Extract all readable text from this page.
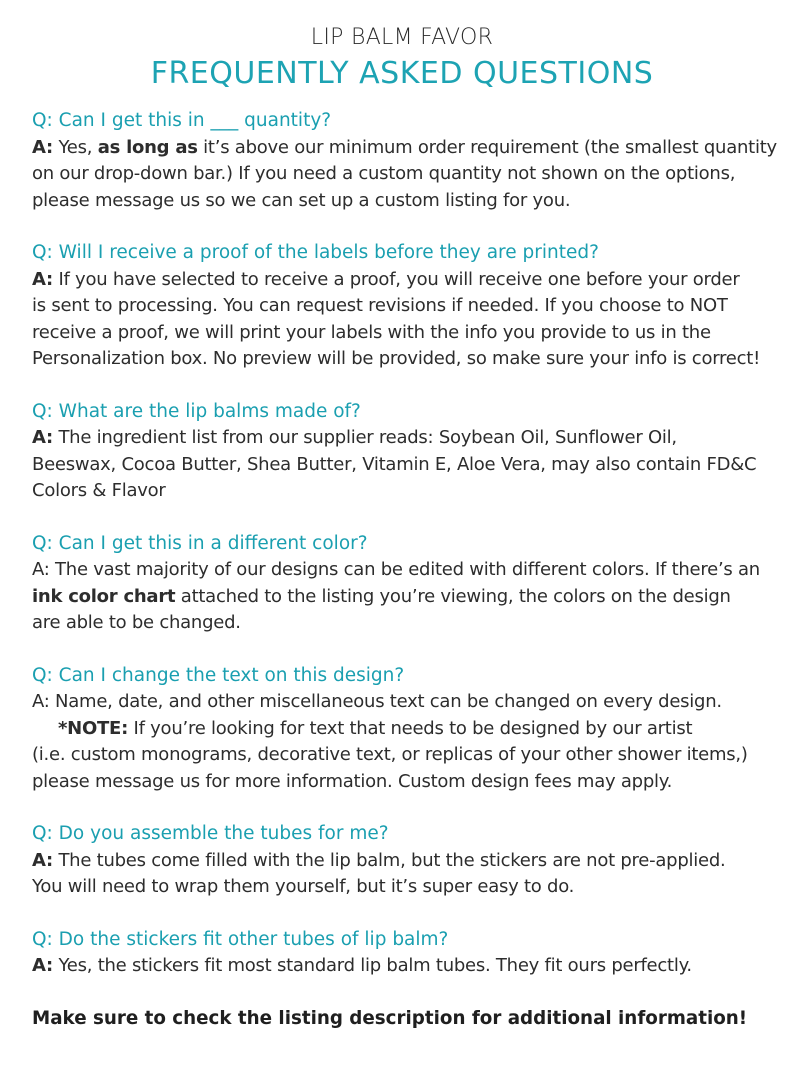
LIP BALM FAVOR
FREQUENTLY ASKED QUESTIONS
Q: Can I get this in ___ quantity?
A: Yes, as long as it’s above our minimum order requirement (the smallest quantity
on our drop-down bar.) If you need a custom quantity not shown on the options,
please message us so we can set up a custom listing for you.
Q: Will I receive a proof of the labels before they are printed?
A: If you have selected to receive a proof, you will receive one before your order
is sent to processing. You can request revisions if needed. If you choose to NOT
receive a proof, we will print your labels with the info you provide to us in the
Personalization box. No preview will be provided, so make sure your info is correct!
Q: What are the lip balms made of?
A: The ingredient list from our supplier reads: Soybean Oil, Sunflower Oil,
Beeswax, Cocoa Butter, Shea Butter, Vitamin E, Aloe Vera, may also contain FD&C
Colors & Flavor
Q: Can I get this in a different color?
A: The vast majority of our designs can be edited with different colors. If there’s an
ink color chart attached to the listing you’re viewing, the colors on the design
are able to be changed.
Q: Can I change the text on this design?
A: Name, date, and other miscellaneous text can be changed on every design.
*NOTE: If you’re looking for text that needs to be designed by our artist
(i.e. custom monograms, decorative text, or replicas of your other shower items,)
please message us for more information. Custom design fees may apply.
Q: Do you assemble the tubes for me?
A: The tubes come filled with the lip balm, but the stickers are not pre-applied.
You will need to wrap them yourself, but it’s super easy to do.
Q: Do the stickers fit other tubes of lip balm?
A: Yes, the stickers fit most standard lip balm tubes. They fit ours perfectly.
Make sure to check the listing description for additional information!
